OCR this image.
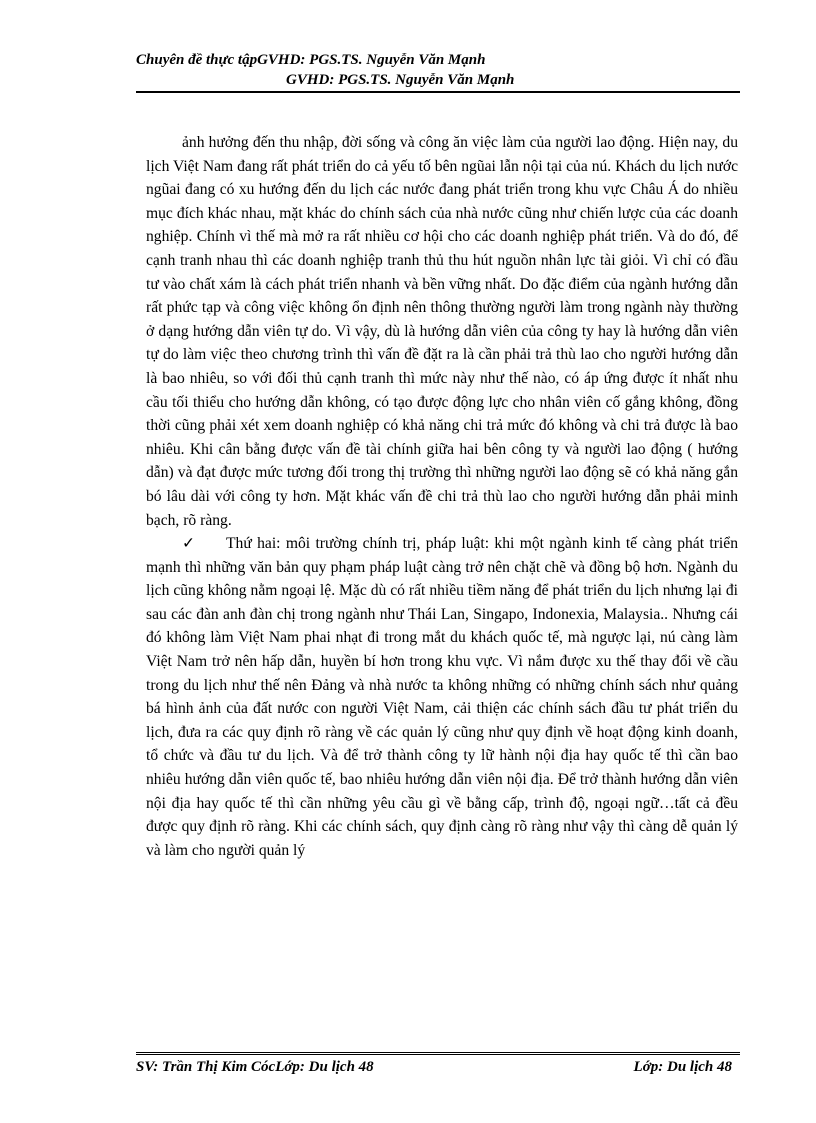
Chuyên đề thực tậpGVHD: PGS.TS. Nguyễn Văn Mạnh
GVHD: PGS.TS. Nguyễn Văn Mạnh

ảnh hưởng đến thu nhập, đời sống và công ăn việc làm của người lao động. Hiện nay, du lịch Việt Nam đang rất phát triển do cả yếu tố bên ngũai lẫn nội tại của nú. Khách du lịch nước ngũai đang có xu hướng đến du lịch các nước đang phát triển trong khu vực Châu Á do nhiều mục đích khác nhau, mặt khác do chính sách của nhà nước cũng như chiến lược của các doanh nghiệp. Chính vì thế mà mở ra rất nhiều cơ hội cho các doanh nghiệp phát triển. Và do đó, để cạnh tranh nhau thì các doanh nghiệp tranh thủ thu hút nguồn nhân lực tài giỏi. Vì chỉ có đầu tư vào chất xám là cách phát triển nhanh và bền vững nhất. Do đặc điểm của ngành hướng dẫn rất phức tạp và công việc không ổn định nên thông thường người làm trong ngành này thường ở dạng hướng dẫn viên tự do. Vì vậy, dù là hướng dẫn viên của công ty hay là hướng dẫn viên tự do làm việc theo chương trình thì vấn đề đặt ra là cần phải trả thù lao cho người hướng dẫn là bao nhiêu, so với đối thủ cạnh tranh thì mức này như thế nào, có áp ứng được ít nhất nhu cầu tối thiểu cho hướng dẫn không, có tạo được động lực cho nhân viên cố gắng không, đồng thời cũng phải xét xem doanh nghiệp có khả năng chi trả mức đó không và chi trả được là bao nhiêu. Khi cân bằng được vấn đề tài chính giữa hai bên công ty và người lao động ( hướng dẫn) và đạt được mức tương đối trong thị trường thì những người lao động sẽ có khả năng gắn bó lâu dài với công ty hơn. Mặt khác vấn đề chi trả thù lao cho người hướng dẫn phải minh bạch, rõ ràng.

✓ Thứ hai: môi trường chính trị, pháp luật: khi một ngành kinh tế càng phát triển mạnh thì những văn bản quy phạm pháp luật càng trở nên chặt chẽ và đồng bộ hơn. Ngành du lịch cũng không nằm ngoại lệ. Mặc dù có rất nhiều tiềm năng để phát triển du lịch nhưng lại đi sau các đàn anh đàn chị trong ngành như Thái Lan, Singapo, Indonexia, Malaysia.. Nhưng cái đó không làm Việt Nam phai nhạt đi trong mắt du khách quốc tế, mà ngược lại, nú càng làm Việt Nam trở nên hấp dẫn, huyền bí hơn trong khu vực. Vì nắm được xu thế thay đổi về cầu trong du lịch như thế nên Đảng và nhà nước ta không những có những chính sách như quảng bá hình ảnh của đất nước con người Việt Nam, cải thiện các chính sách đầu tư phát triển du lịch, đưa ra các quy định rõ ràng về các quản lý cũng như quy định về hoạt động kinh doanh, tổ chức và đầu tư du lịch. Và để trở thành công ty lữ hành nội địa hay quốc tế thì cần bao nhiêu hướng dẫn viên quốc tế, bao nhiêu hướng dẫn viên nội địa. Để trở thành hướng dẫn viên nội địa hay quốc tế thì cần những yêu cầu gì về bằng cấp, trình độ, ngoại ngữ…tất cả đều được quy định rõ ràng. Khi các chính sách, quy định càng rõ ràng như vậy thì càng dễ quản lý và làm cho người quản lý

SV: Trần Thị Kim CócLớp: Du lịch 48	Lớp: Du lịch 48
